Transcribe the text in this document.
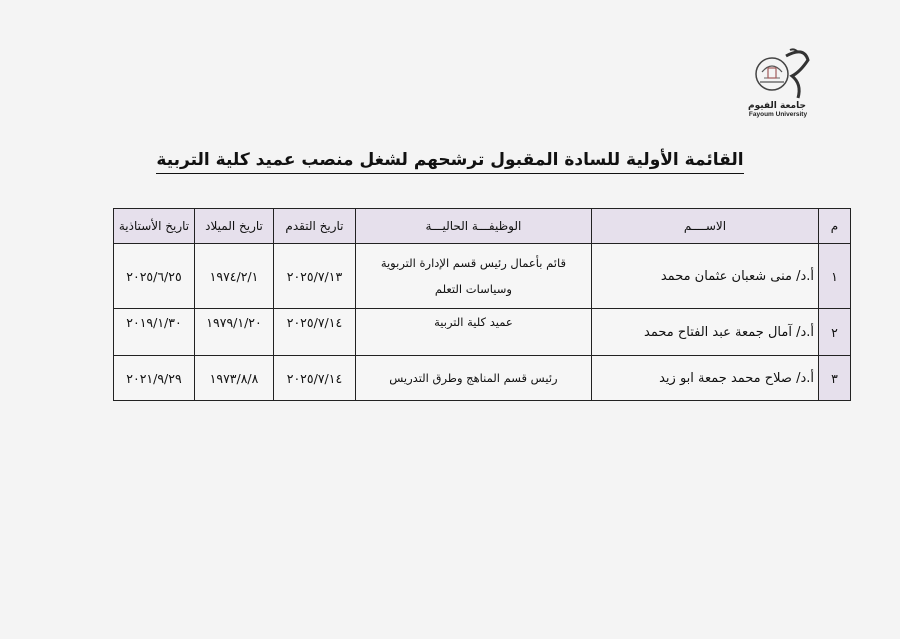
جامعة الفيوم
Fayoum University
القائمة الأولية للسادة المقبول ترشحهم لشغل منصب عميد كلية التربية
م	الاســــم	الوظيفـــة الحاليـــة	تاريخ التقدم	تاريخ الميلاد	تاريخ الأستاذية
١	أ.د/ منى شعبان عثمان محمد	قائم بأعمال رئيس قسم الإدارة التربوية
وسياسات التعلم	٢٠٢٥/٧/١٣	١٩٧٤/٢/١	٢٠٢٥/٦/٢٥
٢	أ.د/ آمال جمعة عبد الفتاح محمد	عميد كلية التربية	٢٠٢٥/٧/١٤	١٩٧٩/١/٢٠	٢٠١٩/١/٣٠
٣	أ.د/ صلاح محمد جمعة ابو زيد	رئيس قسم المناهج وطرق التدريس	٢٠٢٥/٧/١٤	١٩٧٣/٨/٨	٢٠٢١/٩/٢٩
